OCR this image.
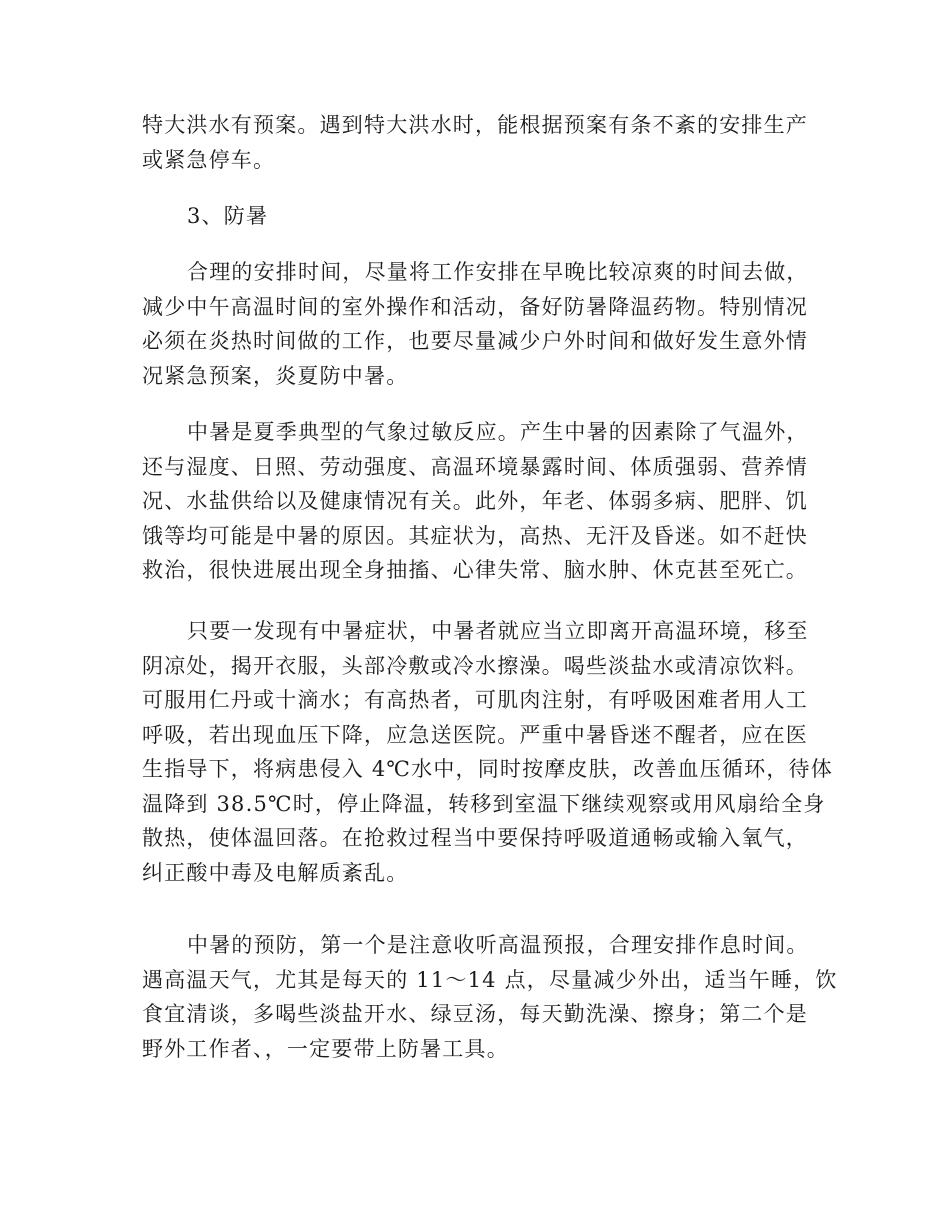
特大洪水有预案。遇到特大洪水时，能根据预案有条不紊的安排生产
或紧急停车。

3、防暑

合理的安排时间，尽量将工作安排在早晚比较凉爽的时间去做，
减少中午高温时间的室外操作和活动，备好防暑降温药物。特别情况
必须在炎热时间做的工作，也要尽量减少户外时间和做好发生意外情
况紧急预案，炎夏防中暑。

中暑是夏季典型的气象过敏反应。产生中暑的因素除了气温外，
还与湿度、日照、劳动强度、高温环境暴露时间、体质强弱、营养情
况、水盐供给以及健康情况有关。此外，年老、体弱多病、肥胖、饥
饿等均可能是中暑的原因。其症状为，高热、无汗及昏迷。如不赶快
救治，很快进展出现全身抽搐、心律失常、脑水肿、休克甚至死亡。

只要一发现有中暑症状，中暑者就应当立即离开高温环境，移至
阴凉处，揭开衣服，头部冷敷或冷水擦澡。喝些淡盐水或清凉饮料。
可服用仁丹或十滴水；有高热者，可肌肉注射，有呼吸困难者用人工
呼吸，若出现血压下降，应急送医院。严重中暑昏迷不醒者，应在医
生指导下，将病患侵入 4℃水中，同时按摩皮肤，改善血压循环，待体
温降到 38.5℃时，停止降温，转移到室温下继续观察或用风扇给全身
散热，使体温回落。在抢救过程当中要保持呼吸道通畅或输入氧气，
纠正酸中毒及电解质紊乱。

中暑的预防，第一个是注意收听高温预报，合理安排作息时间。
遇高温天气，尤其是每天的 11～14 点，尽量减少外出，适当午睡，饮
食宜清谈，多喝些淡盐开水、绿豆汤，每天勤洗澡、擦身；第二个是
野外工作者、，一定要带上防暑工具。
